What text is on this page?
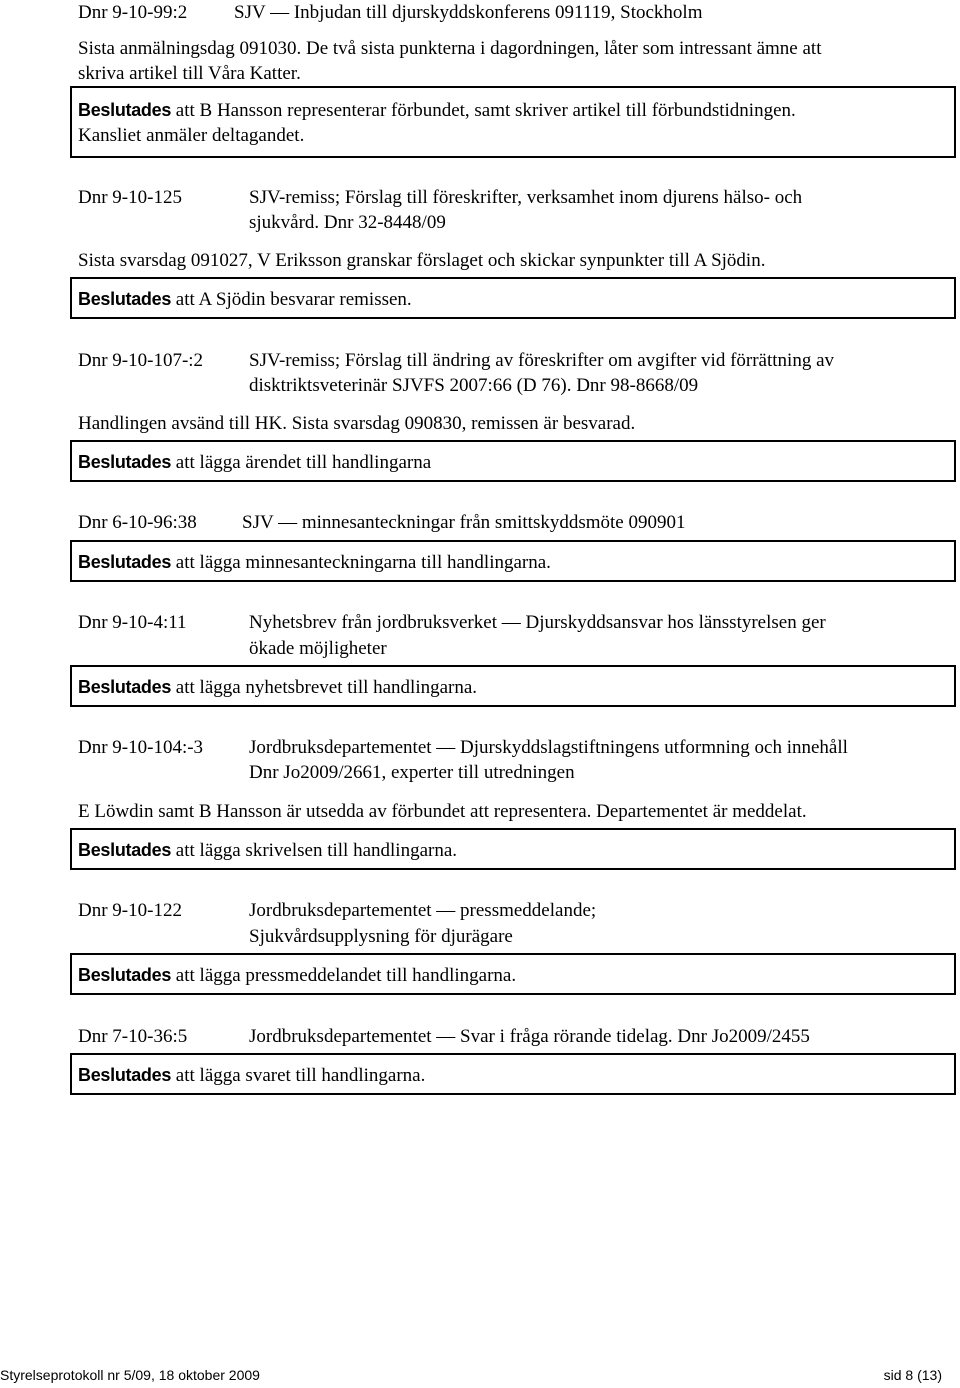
Dnr 9-10-99:2 SJV — Inbjudan till djurskyddskonferens 091119, Stockholm
Sista anmälningsdag 091030. De två sista punkterna i dagordningen, låter som intressant ämne att
skriva artikel till Våra Katter.
Beslutades att B Hansson representerar förbundet, samt skriver artikel till förbundstidningen.
Kansliet anmäler deltagandet.
Dnr 9-10-125	SJV-remiss; Förslag till föreskrifter, verksamhet inom djurens hälso- och
sjukvård. Dnr 32-8448/09
Sista svarsdag 091027, V Eriksson granskar förslaget och skickar synpunkter till A Sjödin.
Beslutades att A Sjödin besvarar remissen.
Dnr 9-10-107-:2 SJV-remiss; Förslag till ändring av föreskrifter om avgifter vid förrättning av
disktriktsveterinär SJVFS 2007:66 (D 76). Dnr 98-8668/09
Handlingen avsänd till HK. Sista svarsdag 090830, remissen är besvarad.
Beslutades att lägga ärendet till handlingarna
Dnr 6-10-96:38 SJV — minnesanteckningar från smittskyddsmöte 090901
Beslutades att lägga minnesanteckningarna till handlingarna.
Dnr 9-10-4:11	Nyhetsbrev från jordbruksverket — Djurskyddsansvar hos länsstyrelsen ger
ökade möjligheter
Beslutades att lägga nyhetsbrevet till handlingarna.
Dnr 9-10-104:-3 Jordbruksdepartementet — Djurskyddslagstiftningens utformning och innehåll
Dnr Jo2009/2661, experter till utredningen
E Löwdin samt B Hansson är utsedda av förbundet att representera. Departementet är meddelat.
Beslutades att lägga skrivelsen till handlingarna.
Dnr 9-10-122	Jordbruksdepartementet — pressmeddelande;
Sjukvårdsupplysning för djurägare
Beslutades att lägga pressmeddelandet till handlingarna.
Dnr 7-10-36:5	Jordbruksdepartementet — Svar i fråga rörande tidelag. Dnr Jo2009/2455
Beslutades att lägga svaret till handlingarna.
Styrelseprotokoll nr 5/09, 18 oktober 2009	sid 8 (13)
